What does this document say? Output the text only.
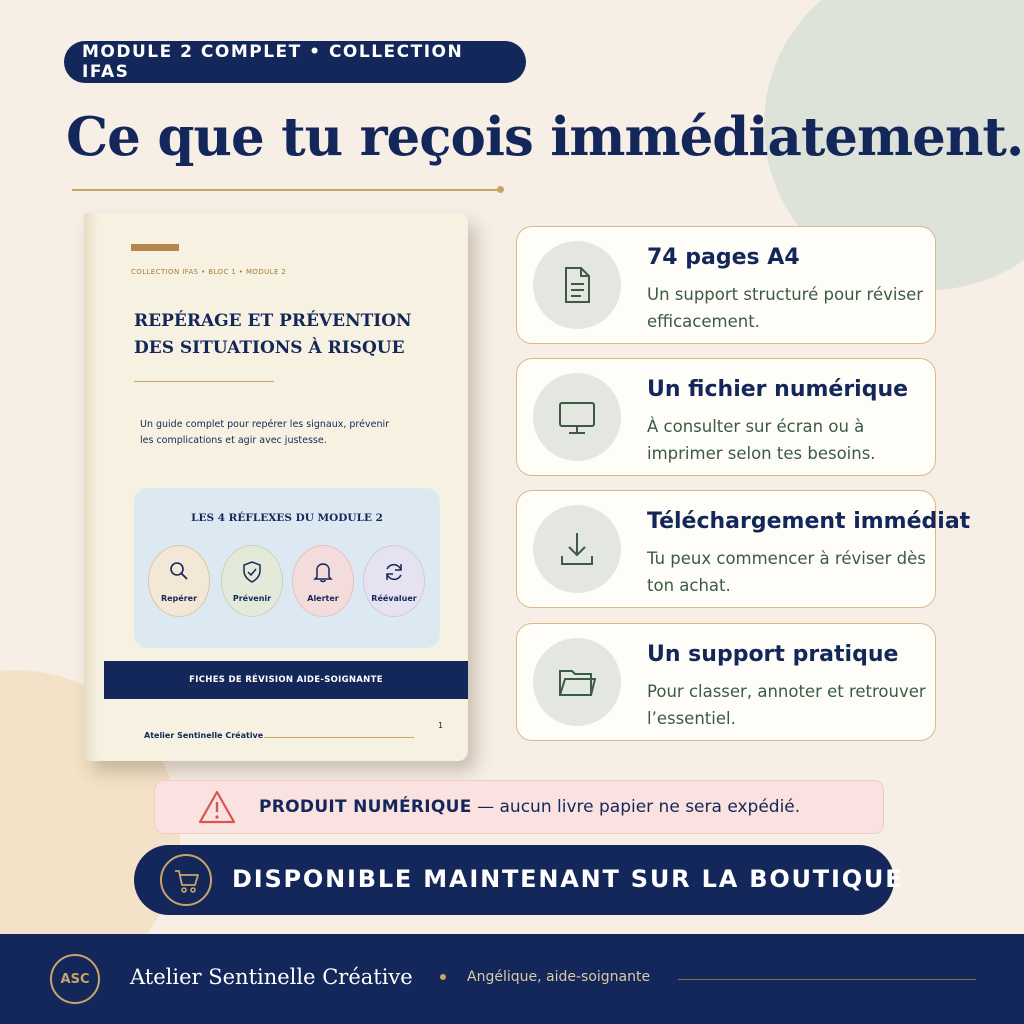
MODULE 2 COMPLET • COLLECTION IFAS
Ce que tu reçois immédiatement.
COLLECTION IFAS • BLOC 1 • MODULE 2
REPÉRAGE ET PRÉVENTION DES SITUATIONS À RISQUE
Un guide complet pour repérer les signaux, prévenir les complications et agir avec justesse.
LES 4 RÉFLEXES DU MODULE 2
Repérer	Prévenir	Alerter	Réévaluer
FICHES DE RÉVISION AIDE-SOIGNANTE
Atelier Sentinelle Créative
1
74 pages A4

Un support structuré pour réviser efficacement.

Un fichier numérique

À consulter sur écran ou à imprimer selon tes besoins.

Téléchargement immédiat

Tu peux commencer à réviser dès ton achat.

Un support pratique

Pour classer, annoter et retrouver l’essentiel.

PRODUIT NUMÉRIQUE — aucun livre papier ne sera expédié.
DISPONIBLE MAINTENANT SUR LA BOUTIQUE
ASC	Atelier Sentinelle Créative	Angélique, aide-soignante
